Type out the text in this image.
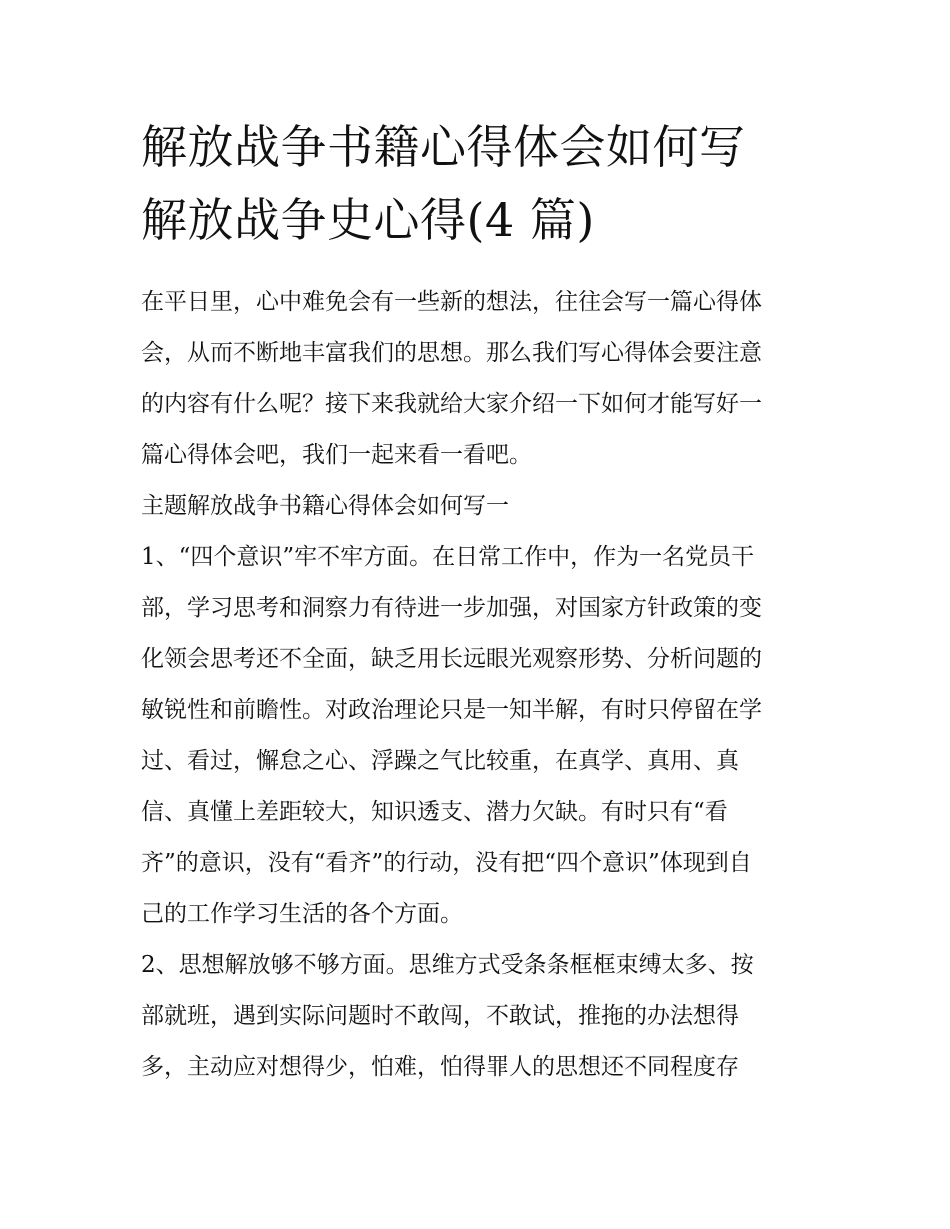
解放战争书籍心得体会如何写
解放战争史心得(4 篇)
在平日里，心中难免会有一些新的想法，往往会写一篇心得体
会，从而不断地丰富我们的思想。那么我们写心得体会要注意
的内容有什么呢？接下来我就给大家介绍一下如何才能写好一
篇心得体会吧，我们一起来看一看吧。
主题解放战争书籍心得体会如何写一
1、“四个意识”牢不牢方面。在日常工作中，作为一名党员干
部，学习思考和洞察力有待进一步加强，对国家方针政策的变
化领会思考还不全面，缺乏用长远眼光观察形势、分析问题的
敏锐性和前瞻性。对政治理论只是一知半解，有时只停留在学
过、看过，懈怠之心、浮躁之气比较重，在真学、真用、真
信、真懂上差距较大，知识透支、潜力欠缺。有时只有“看
齐”的意识，没有“看齐”的行动，没有把“四个意识”体现到自
己的工作学习生活的各个方面。
2、思想解放够不够方面。思维方式受条条框框束缚太多、按
部就班，遇到实际问题时不敢闯，不敢试，推拖的办法想得
多，主动应对想得少，怕难，怕得罪人的思想还不同程度存
